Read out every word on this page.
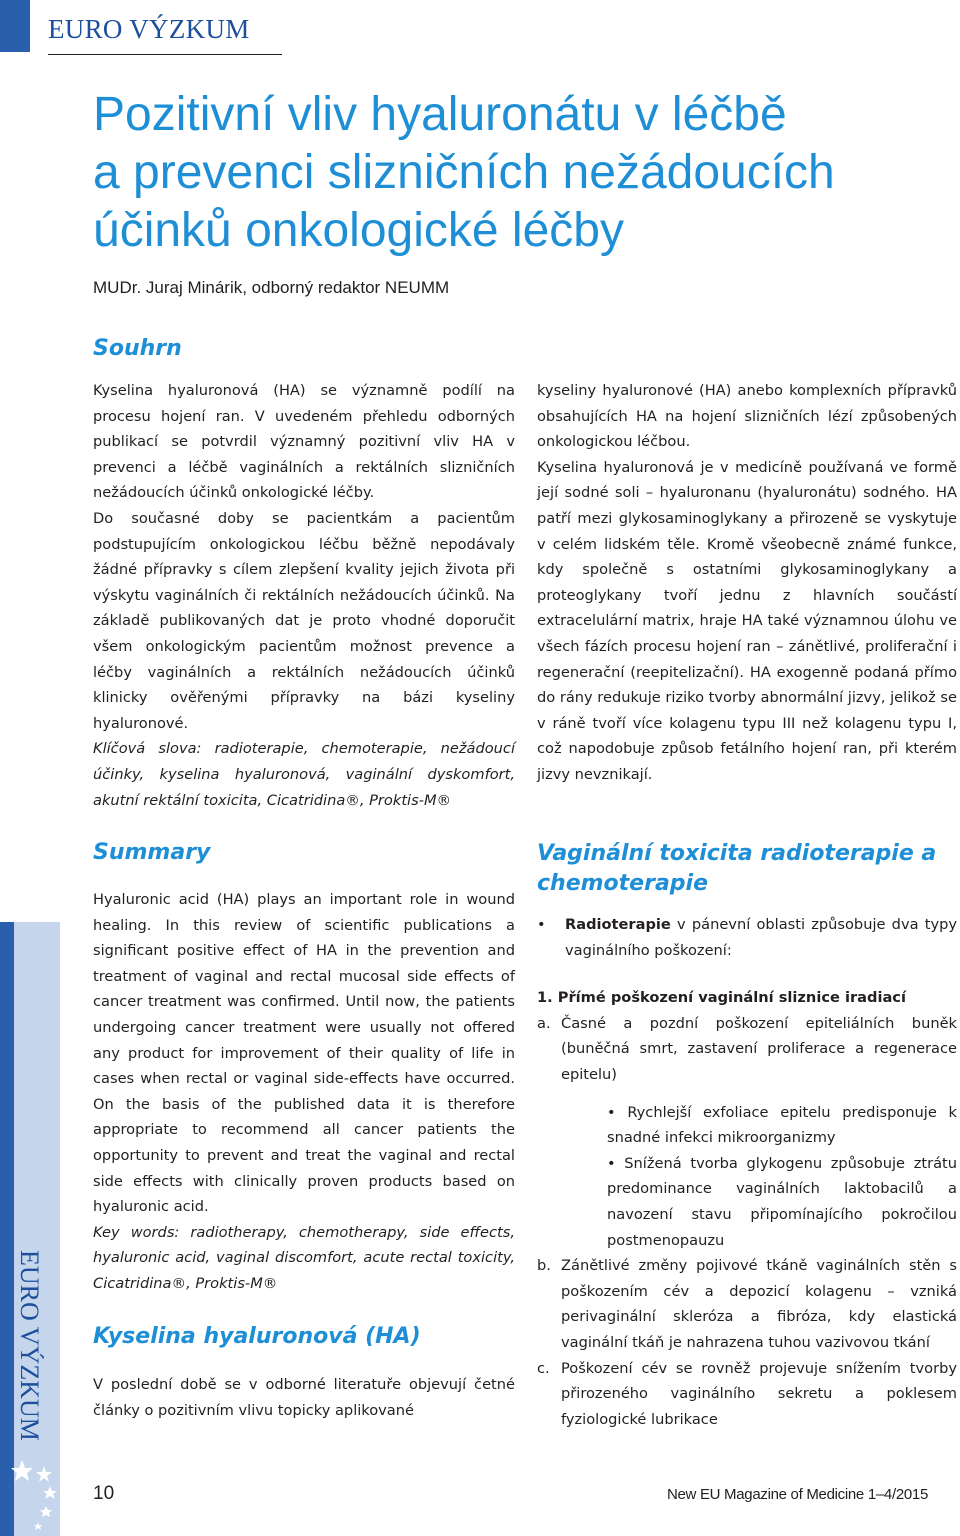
EURO VÝZKUM
Pozitivní vliv hyaluronátu v léčbě
a prevenci slizničních nežádoucích
účinků onkologické léčby
MUDr. Juraj Minárik, odborný redaktor NEUMM
Souhrn

Kyselina hyaluronová (HA) se významně podílí na procesu hojení ran. V uvedeném přehledu odborných publikací se potvrdil významný pozitivní vliv HA v prevenci a léčbě vaginálních a rektálních slizničních nežádoucích účinků onkologické léčby.

Do současné doby se pacientkám a pacientům podstupujícím onkologickou léčbu běžně nepodávaly žádné přípravky s cílem zlepšení kvality jejich života při výskytu vaginálních či rektálních nežádoucích účinků. Na základě publikovaných dat je proto vhodné doporučit všem onkologickým pacientům možnost prevence a léčby vaginálních a rektálních nežádoucích účinků klinicky ověřenými přípravky na bázi kyseliny hyaluronové.

Klíčová slova: radioterapie, chemoterapie, nežádoucí účinky, kyselina hyaluronová, vaginální dyskomfort, akutní rektální toxicita, Cicatridina®, Proktis-M®

Summary

Hyaluronic acid (HA) plays an important role in wound healing. In this review of scientific publications a significant positive effect of HA in the prevention and treatment of vaginal and rectal mucosal side effects of cancer treatment was confirmed. Until now, the patients undergoing cancer treatment were usually not offered any product for improvement of their quality of life in cases when rectal or vaginal side-effects have occurred. On the basis of the published data it is therefore appropriate to recommend all cancer patients the opportunity to prevent and treat the vaginal and rectal side effects with clinically proven products based on hyaluronic acid.

Key words: radiotherapy, chemotherapy, side effects, hyaluronic acid, vaginal discomfort, acute rectal toxicity, Cicatridina®, Proktis-M®

Kyselina hyaluronová (HA)

V poslední době se v odborné literatuře objevují četné články o pozitivním vlivu topicky aplikované

kyseliny hyaluronové (HA) anebo komplexních přípravků obsahujících HA na hojení slizničních lézí způsobených onkologickou léčbou.

Kyselina hyaluronová je v medicíně používaná ve formě její sodné soli – hyaluronanu (hyaluronátu) sodného. HA patří mezi glykosaminoglykany a přirozeně se vyskytuje v celém lidském těle. Kromě všeobecně známé funkce, kdy společně s ostatními glykosaminoglykany a proteoglykany tvoří jednu z hlavních součástí extracelulární matrix, hraje HA také významnou úlohu ve všech fázích procesu hojení ran – zánětlivé, proliferační i regenerační (reepitelizační). HA exogenně podaná přímo do rány redukuje riziko tvorby abnormální jizvy, jelikož se v ráně tvoří více kolagenu typu III než kolagenu typu I, což napodobuje způsob fetálního hojení ran, při kterém jizvy nevznikají.

Vaginální toxicita radioterapie a chemoterapie
• Radioterapie v pánevní oblasti způsobuje dva typy vaginálního poškození:
1. Přímé poškození vaginální sliznice iradiací
a. Časné a pozdní poškození epiteliálních buněk (buněčná smrt, zastavení proliferace a regenerace epitelu)
• Rychlejší exfoliace epitelu predisponuje k snadné infekci mikroorganizmy
• Snížená tvorba glykogenu způsobuje ztrátu predominance vaginálních laktobacilů a navození stavu připomínajícího pokročilou postmenopauzu
b. Zánětlivé změny pojivové tkáně vaginálních stěn s poškozením cév a depozicí kolagenu – vzniká perivaginální skleróza a fibróza, kdy elastická vaginální tkáň je nahrazena tuhou vazivovou tkání
c. Poškození cév se rovněž projevuje snížením tvorby přirozeného vaginálního sekretu a poklesem fyziologické lubrikace
EURO VÝZKUM
10	New EU Magazine of Medicine 1–4/2015
